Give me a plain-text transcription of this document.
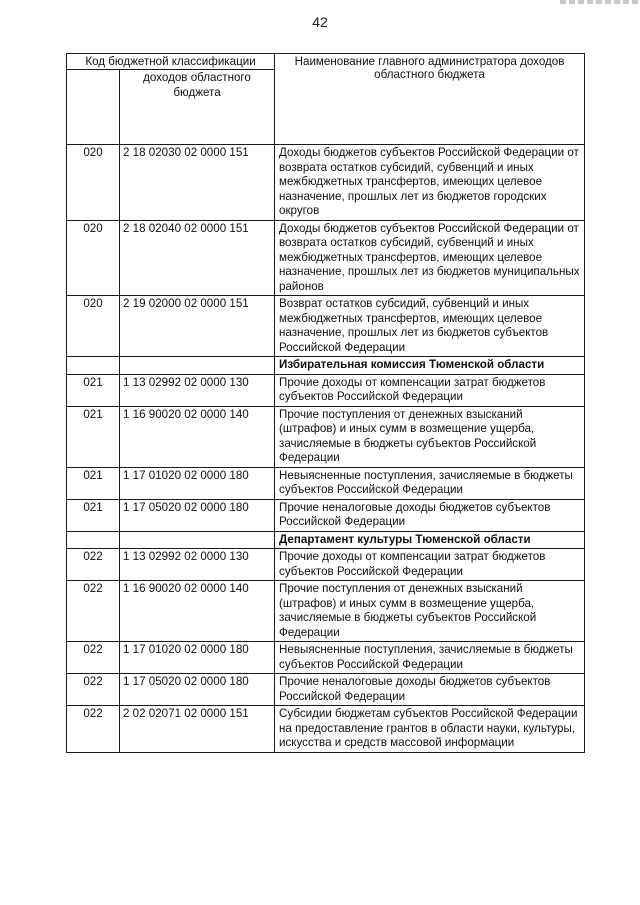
42
Код бюджетной классификации		Наименование главного администратора доходов областного бюджета
	доходов областного бюджета	
020	2 18 02030 02 0000 151	Доходы бюджетов субъектов Российской Федерации от возврата остатков субсидий, субвенций и иных межбюджетных трансфертов, имеющих целевое назначение, прошлых лет из бюджетов городских округов
020	2 18 02040 02 0000 151	Доходы бюджетов субъектов Российской Федерации от возврата остатков субсидий, субвенций и иных межбюджетных трансфертов, имеющих целевое назначение, прошлых лет из бюджетов муниципальных районов
020	2 19 02000 02 0000 151	Возврат остатков субсидий, субвенций и иных межбюджетных трансфертов, имеющих целевое назначение, прошлых лет из бюджетов субъектов Российской Федерации
		Избирательная комиссия Тюменской области
021	1 13 02992 02 0000 130	Прочие доходы от компенсации затрат бюджетов субъектов Российской Федерации
021	1 16 90020 02 0000 140	Прочие поступления от денежных взысканий (штрафов) и иных сумм в возмещение ущерба, зачисляемые в бюджеты субъектов Российской Федерации
021	1 17 01020 02 0000 180	Невыясненные поступления, зачисляемые в бюджеты субъектов Российской Федерации
021	1 17 05020 02 0000 180	Прочие неналоговые доходы бюджетов субъектов Российской Федерации
		Департамент культуры Тюменской области
022	1 13 02992 02 0000 130	Прочие доходы от компенсации затрат бюджетов субъектов Российской Федерации
022	1 16 90020 02 0000 140	Прочие поступления от денежных взысканий (штрафов) и иных сумм в возмещение ущерба, зачисляемые в бюджеты субъектов Российской Федерации
022	1 17 01020 02 0000 180	Невыясненные поступления, зачисляемые в бюджеты субъектов Российской Федерации
022	1 17 05020 02 0000 180	Прочие неналоговые доходы бюджетов субъектов Российской Федерации
022	2 02 02071 02 0000 151	Субсидии бюджетам субъектов Российской Федерации на предоставление грантов в области науки, культуры, искусства и средств массовой информации
